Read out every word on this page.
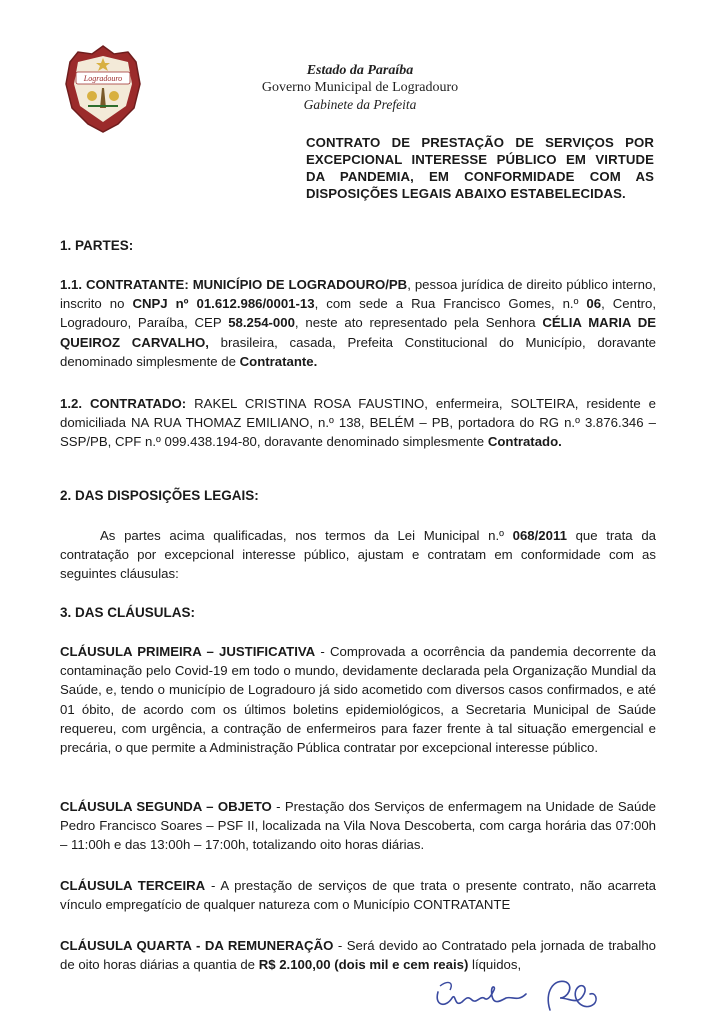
Logradouro
Estado da Paraíba
Governo Municipal de Logradouro
Gabinete da Prefeita
CONTRATO DE PRESTAÇÃO DE SERVIÇOS POR EXCEPCIONAL INTERESSE PÚBLICO EM VIRTUDE DA PANDEMIA, EM CONFORMIDADE COM AS DISPOSIÇÕES LEGAIS ABAIXO ESTABELECIDAS.
1. PARTES:
1.1. CONTRATANTE: MUNICÍPIO DE LOGRADOURO/PB, pessoa jurídica de direito público interno, inscrito no CNPJ nº 01.612.986/0001-13, com sede a Rua Francisco Gomes, n.º 06, Centro, Logradouro, Paraíba, CEP 58.254-000, neste ato representado pela Senhora CÉLIA MARIA DE QUEIROZ CARVALHO, brasileira, casada, Prefeita Constitucional do Município, doravante denominado simplesmente de Contratante.
1.2. CONTRATADO: RAKEL CRISTINA ROSA FAUSTINO, enfermeira, SOLTEIRA, residente e domiciliada NA RUA THOMAZ EMILIANO, n.º 138, BELÉM – PB, portadora do RG n.º 3.876.346 – SSP/PB, CPF n.º 099.438.194-80, doravante denominado simplesmente Contratado.
2. DAS DISPOSIÇÕES LEGAIS:
As partes acima qualificadas, nos termos da Lei Municipal n.º 068/2011 que trata da contratação por excepcional interesse público, ajustam e contratam em conformidade com as seguintes cláusulas:
3. DAS CLÁUSULAS:
CLÁUSULA PRIMEIRA – JUSTIFICATIVA - Comprovada a ocorrência da pandemia decorrente da contaminação pelo Covid-19 em todo o mundo, devidamente declarada pela Organização Mundial da Saúde, e, tendo o município de Logradouro já sido acometido com diversos casos confirmados, e até 01 óbito, de acordo com os últimos boletins epidemiológicos, a Secretaria Municipal de Saúde requereu, com urgência, a contração de enfermeiros para fazer frente à tal situação emergencial e precária, o que permite a Administração Pública contratar por excepcional interesse público.
CLÁUSULA SEGUNDA – OBJETO - Prestação dos Serviços de enfermagem na Unidade de Saúde Pedro Francisco Soares – PSF II, localizada na Vila Nova Descoberta, com carga horária das 07:00h – 11:00h e das 13:00h – 17:00h, totalizando oito horas diárias.
CLÁUSULA TERCEIRA - A prestação de serviços de que trata o presente contrato, não acarreta vínculo empregatício de qualquer natureza com o Município CONTRATANTE
CLÁUSULA QUARTA - DA REMUNERAÇÃO - Será devido ao Contratado pela jornada de trabalho de oito horas diárias a quantia de R$ 2.100,00 (dois mil e cem reais) líquidos,
